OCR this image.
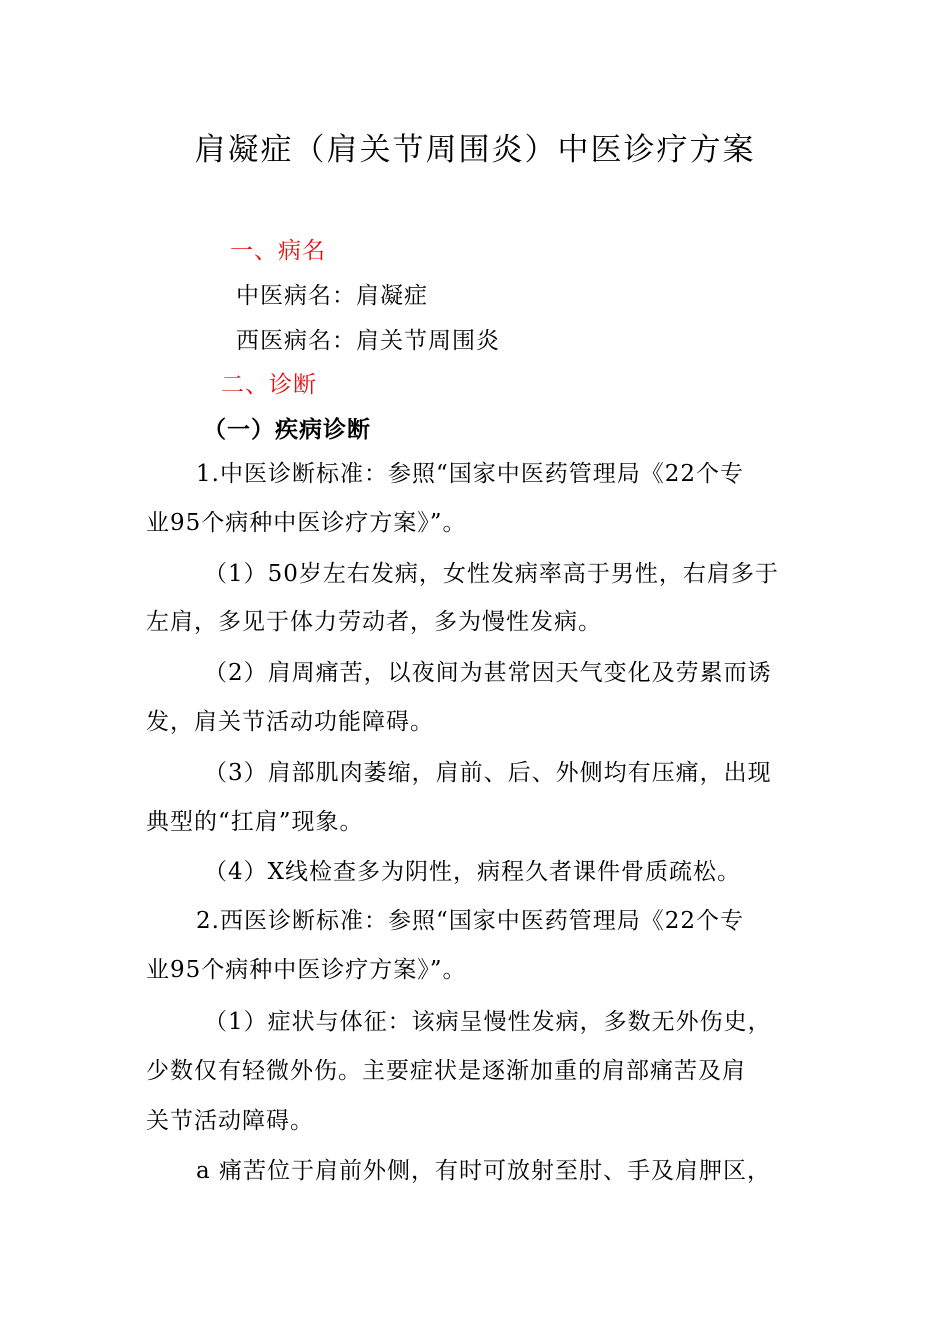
肩凝症（肩关节周围炎）中医诊疗方案
一、病名
中医病名：肩凝症
西医病名：肩关节周围炎
二、诊断
（一）疾病诊断
1.中医诊断标准：参照“国家中医药管理局《22个专
业95个病种中医诊疗方案》”。
（1）50岁左右发病，女性发病率高于男性，右肩多于
左肩，多见于体力劳动者，多为慢性发病。
（2）肩周痛苦，以夜间为甚常因天气变化及劳累而诱
发，肩关节活动功能障碍。
（3）肩部肌肉萎缩，肩前、后、外侧均有压痛，出现
典型的“扛肩”现象。
（4）X线检查多为阴性，病程久者课件骨质疏松。
2.西医诊断标准：参照“国家中医药管理局《22个专
业95个病种中医诊疗方案》”。
（1）症状与体征：该病呈慢性发病，多数无外伤史，
少数仅有轻微外伤。主要症状是逐渐加重的肩部痛苦及肩
关节活动障碍。
a 痛苦位于肩前外侧，有时可放射至肘、手及肩胛区，
